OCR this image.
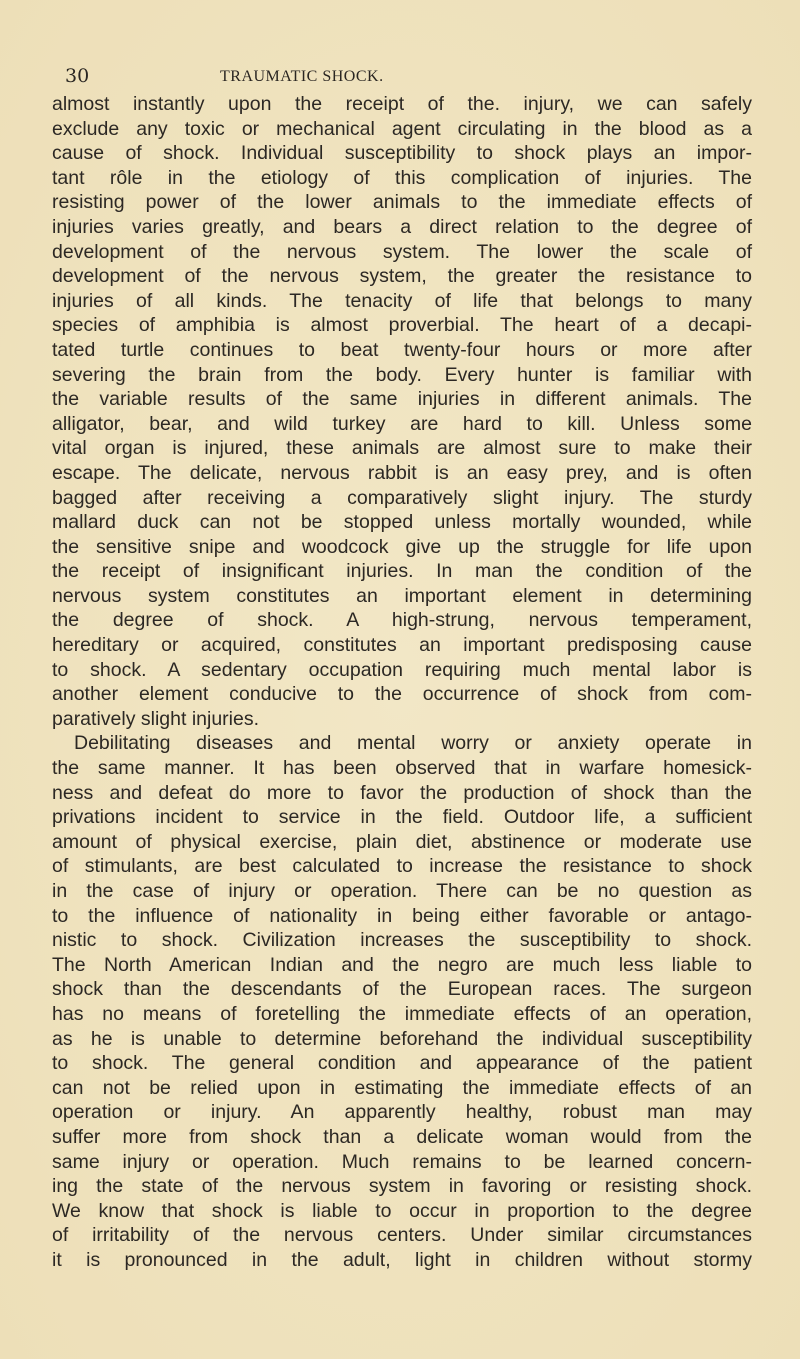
30	TRAUMATIC SHOCK.
almost instantly upon the receipt of the. injury, we can safely
exclude any toxic or mechanical agent circulating in the blood as a
cause of shock. Individual susceptibility to shock plays an impor-
tant rôle in the etiology of this complication of injuries. The
resisting power of the lower animals to the immediate effects of
injuries varies greatly, and bears a direct relation to the degree of
development of the nervous system. The lower the scale of
development of the nervous system, the greater the resistance to
injuries of all kinds. The tenacity of life that belongs to many
species of amphibia is almost proverbial. The heart of a decapi-
tated turtle continues to beat twenty-four hours or more after
severing the brain from the body. Every hunter is familiar with
the variable results of the same injuries in different animals. The
alligator, bear, and wild turkey are hard to kill. Unless some
vital organ is injured, these animals are almost sure to make their
escape. The delicate, nervous rabbit is an easy prey, and is often
bagged after receiving a comparatively slight injury. The sturdy
mallard duck can not be stopped unless mortally wounded, while
the sensitive snipe and woodcock give up the struggle for life upon
the receipt of insignificant injuries. In man the condition of the
nervous system constitutes an important element in determining
the degree of shock. A high-strung, nervous temperament,
hereditary or acquired, constitutes an important predisposing cause
to shock. A sedentary occupation requiring much mental labor is
another element conducive to the occurrence of shock from com-
paratively slight injuries.
Debilitating diseases and mental worry or anxiety operate in
the same manner. It has been observed that in warfare homesick-
ness and defeat do more to favor the production of shock than the
privations incident to service in the field. Outdoor life, a sufficient
amount of physical exercise, plain diet, abstinence or moderate use
of stimulants, are best calculated to increase the resistance to shock
in the case of injury or operation. There can be no question as
to the influence of nationality in being either favorable or antago-
nistic to shock. Civilization increases the susceptibility to shock.
The North American Indian and the negro are much less liable to
shock than the descendants of the European races. The surgeon
has no means of foretelling the immediate effects of an operation,
as he is unable to determine beforehand the individual susceptibility
to shock. The general condition and appearance of the patient
can not be relied upon in estimating the immediate effects of an
operation or injury. An apparently healthy, robust man may
suffer more from shock than a delicate woman would from the
same injury or operation. Much remains to be learned concern-
ing the state of the nervous system in favoring or resisting shock.
We know that shock is liable to occur in proportion to the degree
of irritability of the nervous centers. Under similar circumstances
it is pronounced in the adult, light in children without stormy
